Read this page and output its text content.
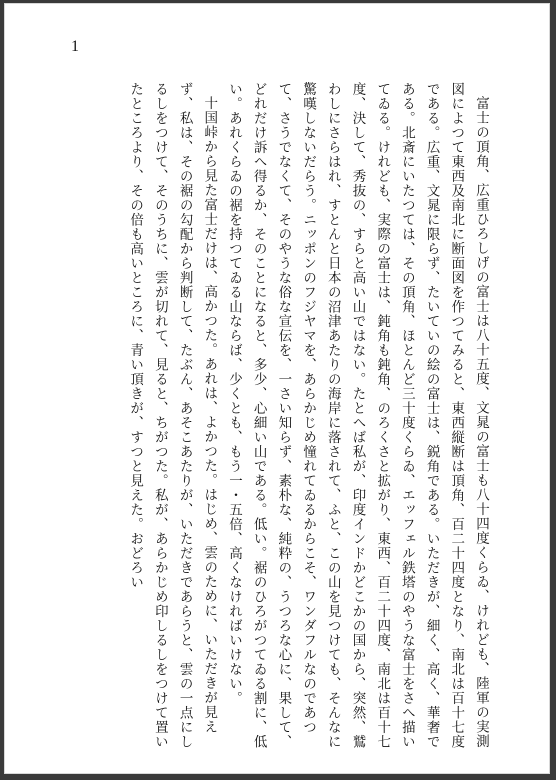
1

富士の頂角、広重ひろしげの富士は八十五度、文晁の富士も八十四度くらゐ、けれども、陸軍の実測図によつて東西及南北に断面図を作つてみると、東西縦断は頂角、百二十四度となり、南北は百十七度である。広重、文晁に限らず、たいていの絵の富士は、鋭角である。いただきが、細く、高く、華奢である。北斎にいたつては、その頂角、ほとんど三十度くらゐ、エッフェル鉄塔のやうな富士をさへ描いてゐる。けれども、実際の富士は、鈍角も鈍角、のろくさと拡がり、東西、百二十四度、南北は百十七度、決して、秀抜の、すらと高い山ではない。たとへば私が、印度インドかどこかの国から、突然、鷲わしにさらはれ、すとんと日本の沼津あたりの海岸に落されて、ふと、この山を見つけても、そんなに驚嘆しないだらう。ニッポンのフジヤマを、あらかじめ憧れてゐるからこそ、ワンダフルなのであつて、さうでなくて、そのやうな俗な宣伝を、一さい知らず、素朴な、純粋の、うつろな心に、果して、どれだけ訴へ得るか、そのことになると、多少、心細い山である。低い。裾のひろがつてゐる割に、低い。あれくらゐの裾を持つてゐる山ならば、少くとも、もう一・五倍、高くなければいけない。

十国峠から見た富士だけは、高かつた。あれは、よかつた。はじめ、雲のために、いただきが見えず、私は、その裾の勾配から判断して、たぶん、あそこあたりが、いただきであらうと、雲の一点にしるしをつけて、そのうちに、雲が切れて、見ると、ちがつた。私が、あらかじめ印しるしをつけて置いたところより、その倍も高いところに、青い頂きが、すつと見えた。おどろい
